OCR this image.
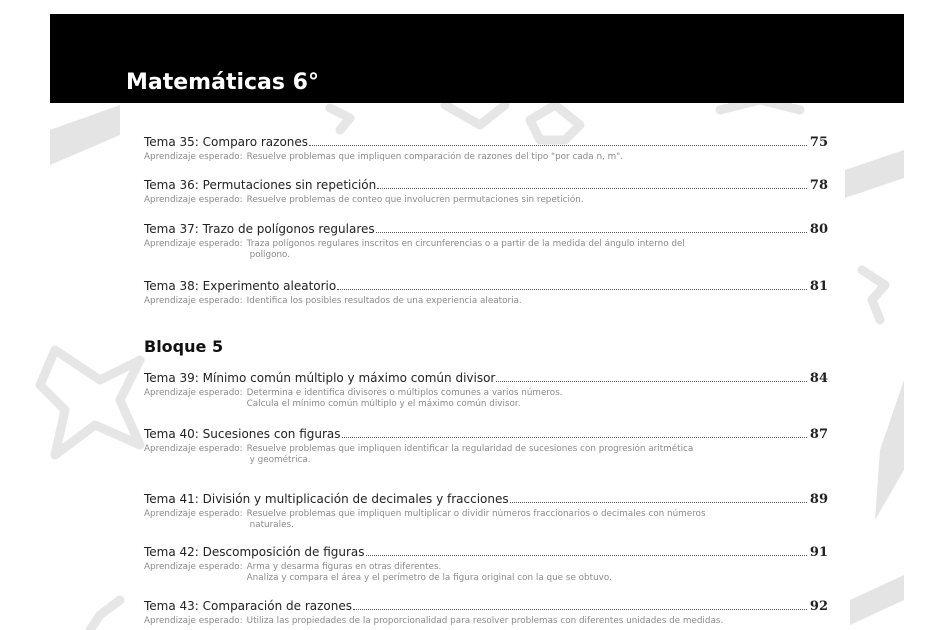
Matemáticas 6°
Tema 35: Comparo razones	75
Aprendizaje esperado: Resuelve problemas que impliquen comparación de razones del tipo "por cada n, m".
Tema 36: Permutaciones sin repetición	78
Aprendizaje esperado: Resuelve problemas de conteo que involucren permutaciones sin repetición.
Tema 37: Trazo de polígonos regulares	80
Aprendizaje esperado: Traza polígonos regulares inscritos en circunferencias o a partir de la medida del ángulo interno del
polígono.
Tema 38: Experimento aleatorio	81
Aprendizaje esperado: Identifica los posibles resultados de una experiencia aleatoria.
Bloque 5
Tema 39: Mínimo común múltiplo y máximo común divisor	84
Aprendizaje esperado: Determina e identifica divisores o múltiplos comunes a varios números.
Calcula el mínimo común múltiplo y el máximo común divisor.
Tema 40: Sucesiones con figuras	87
Aprendizaje esperado: Resuelve problemas que impliquen identificar la regularidad de sucesiones con progresión aritmética
y geométrica.
Tema 41: División y multiplicación de decimales y fracciones	89
Aprendizaje esperado: Resuelve problemas que impliquen multiplicar o dividir números fraccionarios o decimales con números
naturales.
Tema 42: Descomposición de figuras	91
Aprendizaje esperado: Arma y desarma figuras en otras diferentes.
Analiza y compara el área y el perímetro de la figura original con la que se obtuvo.
Tema 43: Comparación de razones	92
Aprendizaje esperado: Utiliza las propiedades de la proporcionalidad para resolver problemas con diferentes unidades de medidas.
